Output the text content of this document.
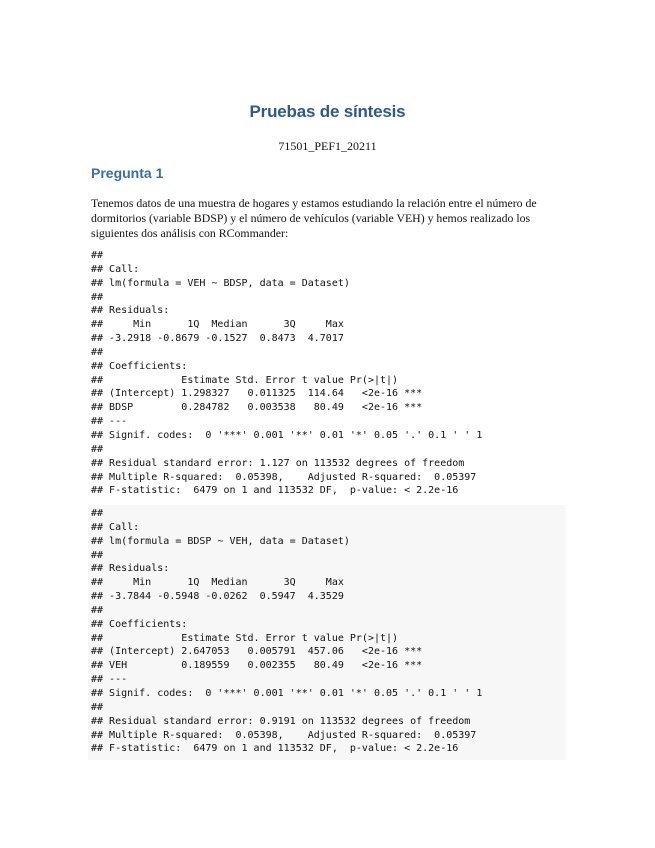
Pruebas de síntesis
71501_PEF1_20211
Pregunta 1

Tenemos datos de una muestra de hogares y estamos estudiando la relación entre el número de dormitorios (variable BDSP) y el número de vehículos (variable VEH) y hemos realizado los siguientes dos análisis con RCommander:

##
## Call:
## lm(formula = VEH ~ BDSP, data = Dataset)
##
## Residuals:
##     Min      1Q  Median      3Q     Max
## -3.2918 -0.8679 -0.1527  0.8473  4.7017
##
## Coefficients:
##             Estimate Std. Error t value Pr(>|t|)
## (Intercept) 1.298327   0.011325  114.64   <2e-16 ***
## BDSP        0.284782   0.003538   80.49   <2e-16 ***
## ---
## Signif. codes:  0 '***' 0.001 '**' 0.01 '*' 0.05 '.' 0.1 ' ' 1
##
## Residual standard error: 1.127 on 113532 degrees of freedom
## Multiple R-squared:  0.05398,    Adjusted R-squared:  0.05397
## F-statistic:  6479 on 1 and 113532 DF,  p-value: < 2.2e-16
##
## Call:
## lm(formula = BDSP ~ VEH, data = Dataset)
##
## Residuals:
##     Min      1Q  Median      3Q     Max
## -3.7844 -0.5948 -0.0262  0.5947  4.3529
##
## Coefficients:
##             Estimate Std. Error t value Pr(>|t|)
## (Intercept) 2.647053   0.005791  457.06   <2e-16 ***
## VEH         0.189559   0.002355   80.49   <2e-16 ***
## ---
## Signif. codes:  0 '***' 0.001 '**' 0.01 '*' 0.05 '.' 0.1 ' ' 1
##
## Residual standard error: 0.9191 on 113532 degrees of freedom
## Multiple R-squared:  0.05398,    Adjusted R-squared:  0.05397
## F-statistic:  6479 on 1 and 113532 DF,  p-value: < 2.2e-16
